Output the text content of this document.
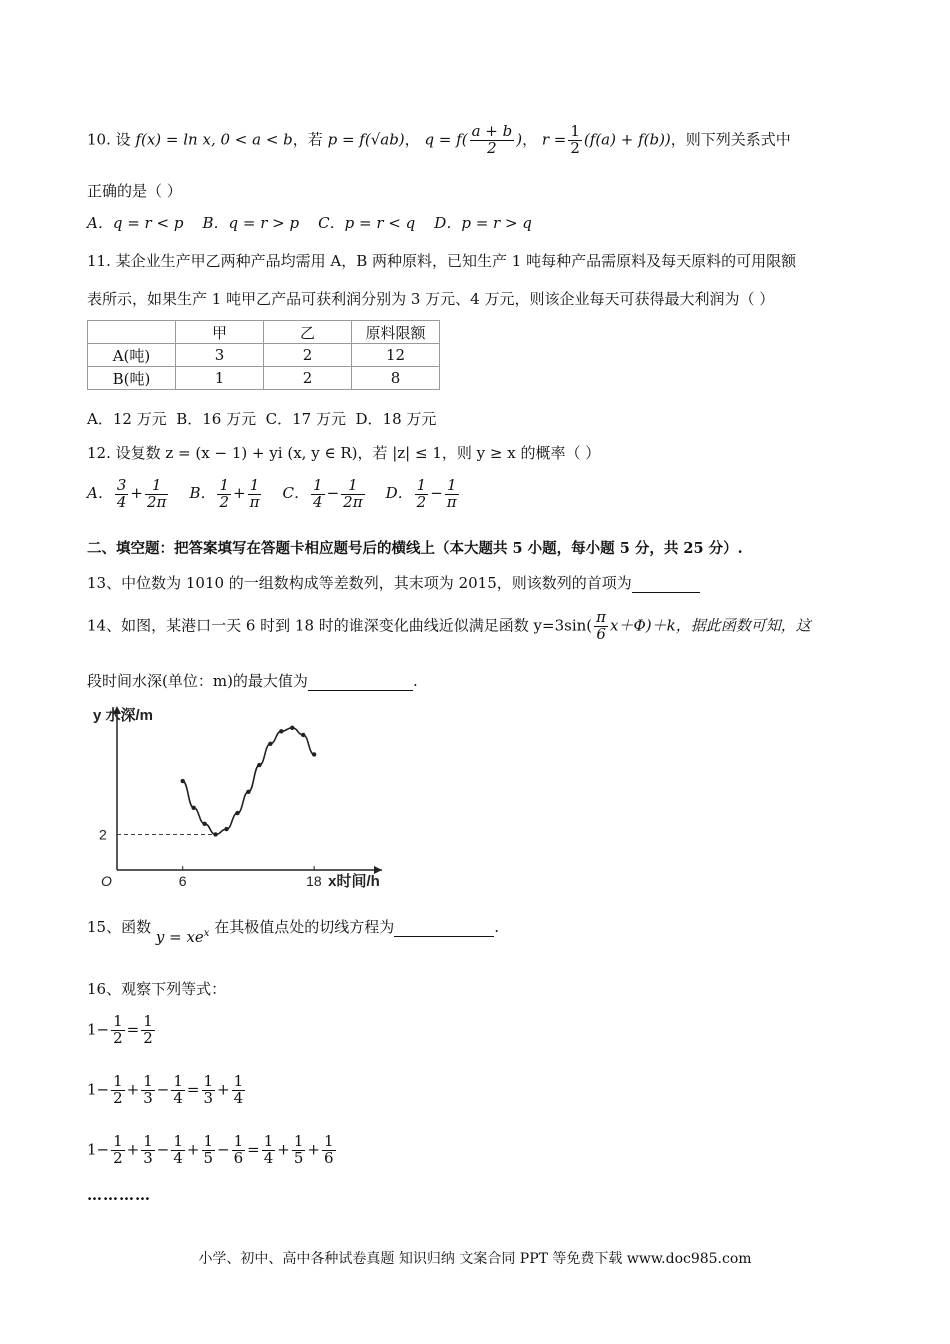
10. 设 f(x) = ln x, 0 < a < b，若 p = f(√ab)， $q = f( \frac{a + b}{2}$ )， $r = \frac{1}{2} (f(a) + f(b))$，则下列关系式中
正确的是（ ）
A．q = r < p    B．q = r > p    C．p = r < q    D．p = r > q
11. 某企业生产甲乙两种产品均需用 A，B 两种原料，已知生产 1 吨每种产品需原料及每天原料的可用限额
表所示，如果生产 1 吨甲乙产品可获利润分别为 3 万元、4 万元，则该企业每天可获得最大利润为（ ）
	甲	乙	原料限额
A(吨)	3	2	12
B(吨)	1	2	8
A．12 万元  B．16 万元  C．17 万元  D．18 万元
12. 设复数 z = (x − 1) + yi (x, y ∈ R)，若 |z| ≤ 1，则 y ≥ x 的概率（ ）
A． $\frac{3}{4} + \frac{1}{2\pi}$ B． $\frac{1}{2} + \frac{1}{\pi}$ C． $\frac{1}{4} - \frac{1}{2\pi}$ D． $\frac{1}{2} - \frac{1}{\pi}$
二、填空题：把答案填写在答题卡相应题号后的横线上（本大题共 5 小题，每小题 5 分，共 25 分）.
13、中位数为 1010 的一组数构成等差数列，其末项为 2015，则该数列的首项为
14、如图，某港口一天 6 时到 18 时的谁深变化曲线近似满足函数 $y=3\sin( \frac{\pi}{6} x+\Phi)+k$，据此函数可知，这
段时间水深(单位：m)的最大值为	.
y 水深/m
O	6	18
2
x时间/h
15、函数 $y = xe^x$ 在其极值点处的切线方程为	.
16、观察下列等式：
$1- \frac{1}{2} = \frac{1}{2}$
$1- \frac{1}{2} + \frac{1}{3} - \frac{1}{4} = \frac{1}{3} + \frac{1}{4}$
$1- \frac{1}{2} + \frac{1}{3} - \frac{1}{4} + \frac{1}{5} - \frac{1}{6} = \frac{1}{4} + \frac{1}{5} + \frac{1}{6}$
…………
小学、初中、高中各种试卷真题 知识归纳 文案合同 PPT 等免费下载 www.doc985.com
